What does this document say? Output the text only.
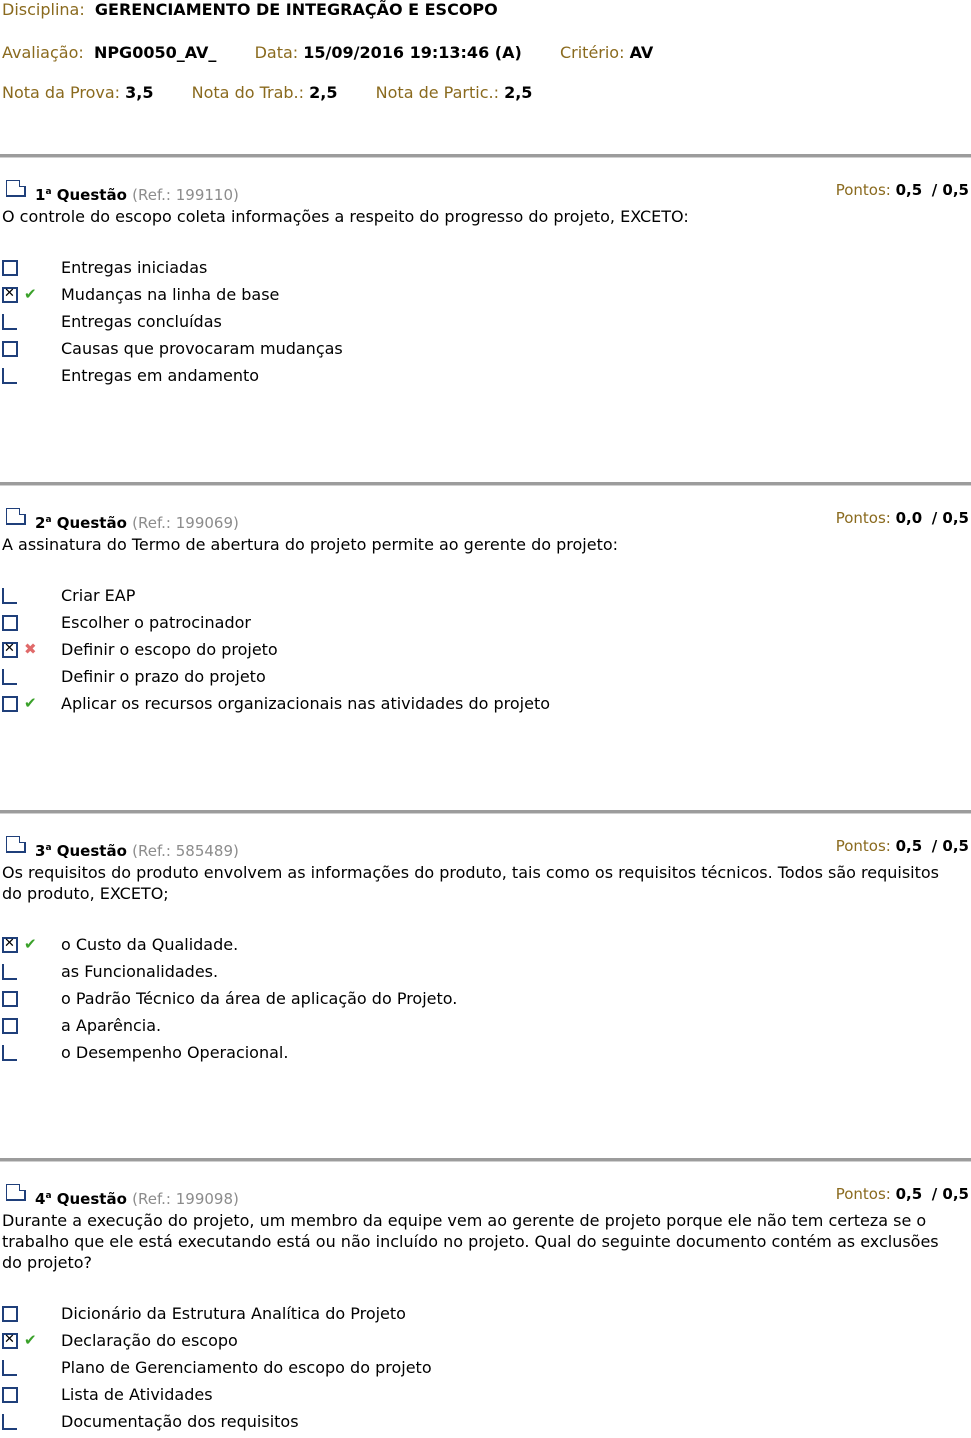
Disciplina: GERENCIAMENTO DE INTEGRAÇÃO E ESCOPO
Avaliação: NPG0050_AV_ Data: 15/09/2016 19:13:46 (A) Critério: AV
Nota da Prova: 3,5 Nota do Trab.: 2,5 Nota de Partic.: 2,5
1$^a$ Questão (Ref.: 199110)	Pontos: 0,5 / 0,5
O controle do escopo coleta informações a respeito do progresso do projeto, EXCETO:
Entregas iniciadas
✕
✔ Mudanças na linha de base
Entregas concluídas
Causas que provocaram mudanças
Entregas em andamento
2$^a$ Questão (Ref.: 199069)	Pontos: 0,0 / 0,5
A assinatura do Termo de abertura do projeto permite ao gerente do projeto:
Criar EAP
Escolher o patrocinador
✕
✖ Definir o escopo do projeto
Definir o prazo do projeto
✔ Aplicar os recursos organizacionais nas atividades do projeto
3$^a$ Questão (Ref.: 585489)	Pontos: 0,5 / 0,5
Os requisitos do produto envolvem as informações do produto, tais como os requisitos técnicos. Todos são requisitos do produto, EXCETO;
✕
✔ o Custo da Qualidade.
as Funcionalidades.
o Padrão Técnico da área de aplicação do Projeto.
a Aparência.
o Desempenho Operacional.
4$^a$ Questão (Ref.: 199098)	Pontos: 0,5 / 0,5
Durante a execução do projeto, um membro da equipe vem ao gerente de projeto porque ele não tem certeza se o trabalho que ele está executando está ou não incluído no projeto. Qual do seguinte documento contém as exclusões do projeto?
Dicionário da Estrutura Analítica do Projeto
✕
✔ Declaração do escopo
Plano de Gerenciamento do escopo do projeto
Lista de Atividades
Documentação dos requisitos
